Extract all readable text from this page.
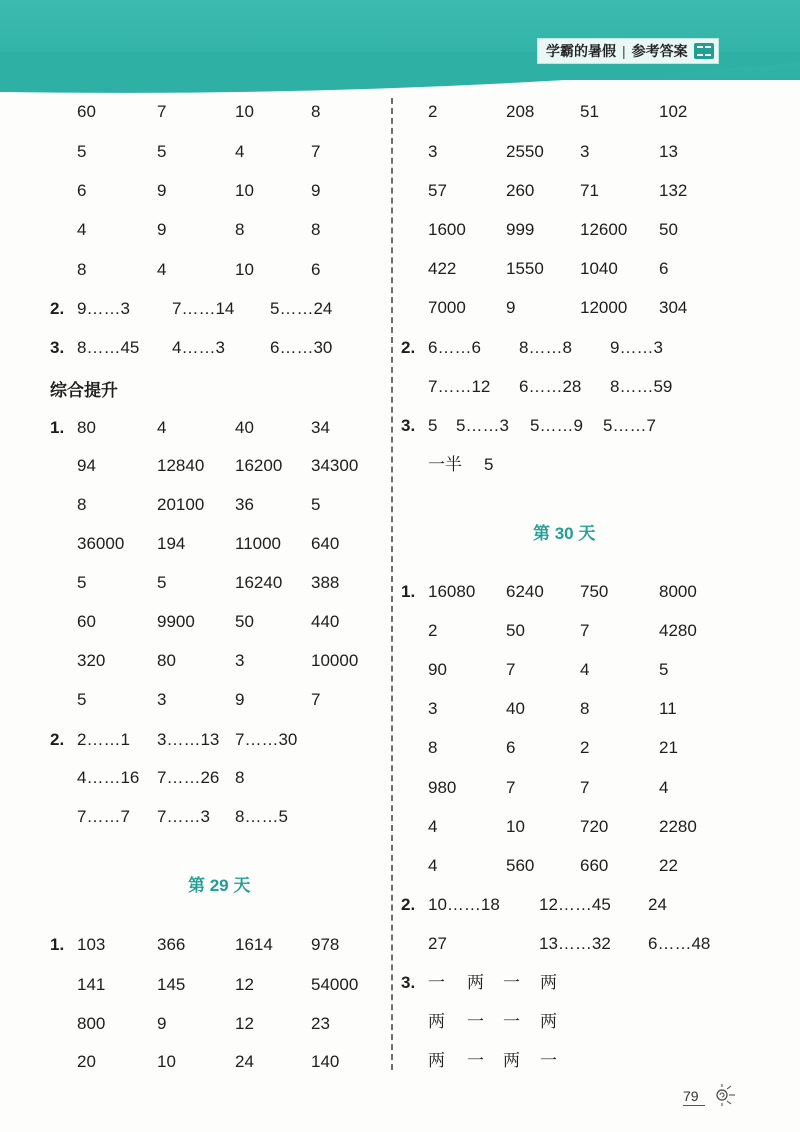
学霸的暑假 | 参考答案
60	7	10	8
5	5	4	7
6	9	10	9
4	9	8	8
8	4	10	6
2. 9……3 7……14 5……24
3. 8……45 4……3	6……30
综合提升
1. 80	4	40	34
94	12840 16200 34300
8	20100 36	5
36000 194	11000 640
5	5	16240 388
60	9900 50	440
320	80	3	10000
5	3	9	7
2. 2……1 3……13 7……30
4……16 7……26 8
7……7 7……3 8……5
第 29 天
1. 103	366	1614 978
141	145	12	54000
800	9	12	23
20	10	24	140
2	208	51	102
3	2550 3	13
57	260	71	132
1600 999	12600 50
422	1550 1040 6
7000 9	12000 304
2. 6……6 8……8 9……3
7……12 6……28 8……59
3. 5 5……3 5……9 5……7
一半 5
第 30 天
1. 16080 6240 750	8000
2	50	7	4280
90	7	4	5
3	40	8	11
8	6	2	21
980	7	7	4
4	10	720	2280
4	560	660	22
2. 10……18 12……45 24
27	13……32 6……48
3. 一 两 一 两
两 一 一 两
两 一 两 一
79
